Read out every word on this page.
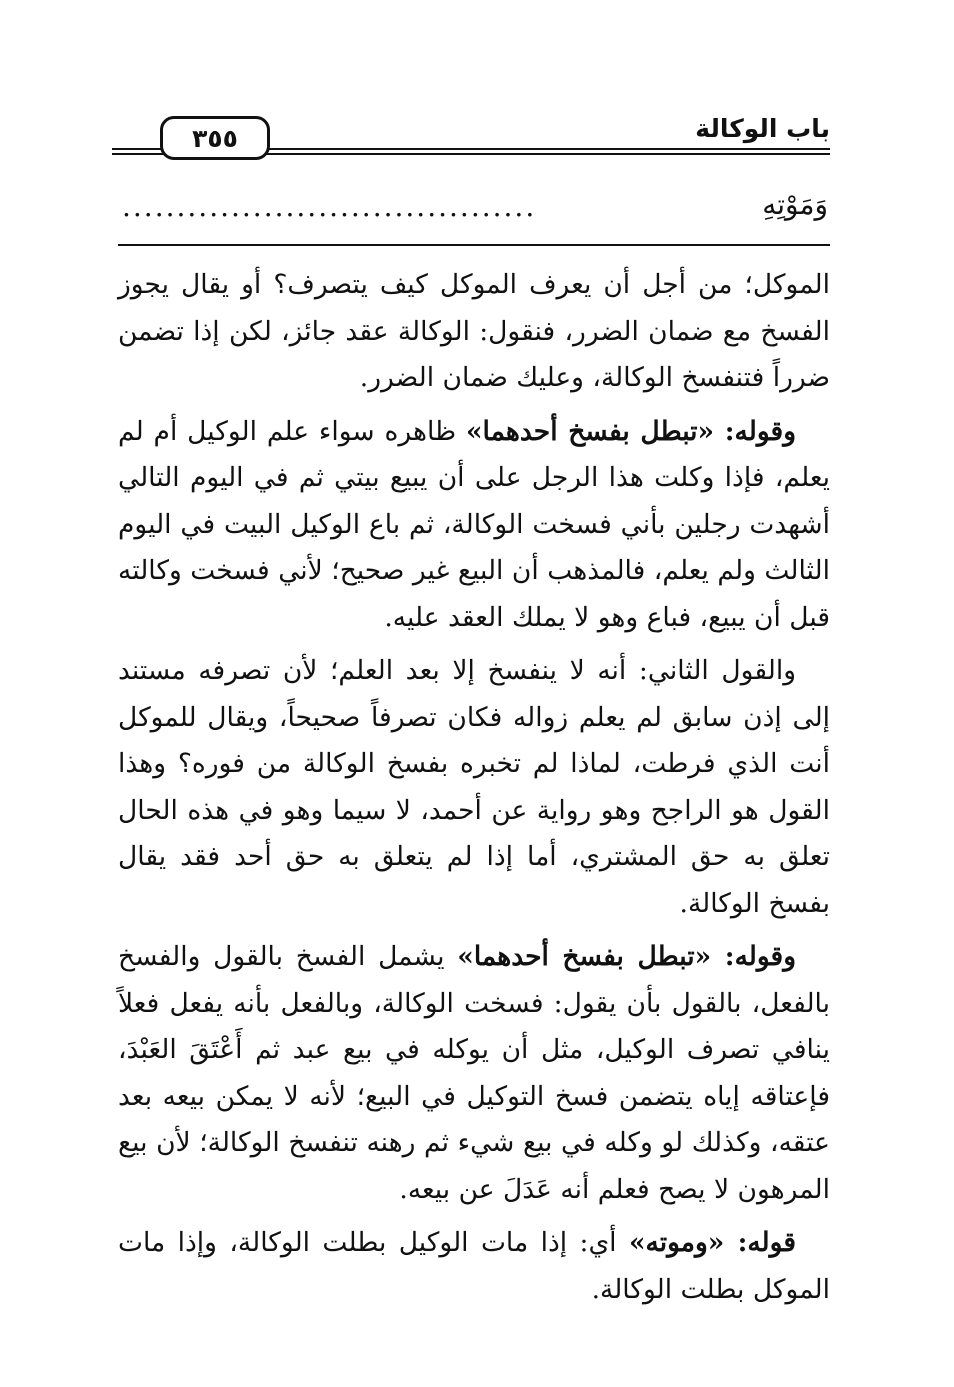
باب الوكالة
٣٥٥
وَمَوْتِهِ
......................................

الموكل؛ من أجل أن يعرف الموكل كيف يتصرف؟ أو يقال يجوز الفسخ مع ضمان الضرر، فنقول: الوكالة عقد جائز، لكن إذا تضمن ضرراً فتنفسخ الوكالة، وعليك ضمان الضرر.

وقوله: «تبطل بفسخ أحدهما» ظاهره سواء علم الوكيل أم لم يعلم، فإذا وكلت هذا الرجل على أن يبيع بيتي ثم في اليوم التالي أشهدت رجلين بأني فسخت الوكالة، ثم باع الوكيل البيت في اليوم الثالث ولم يعلم، فالمذهب أن البيع غير صحيح؛ لأني فسخت وكالته قبل أن يبيع، فباع وهو لا يملك العقد عليه.

والقول الثاني: أنه لا ينفسخ إلا بعد العلم؛ لأن تصرفه مستند إلى إذن سابق لم يعلم زواله فكان تصرفاً صحيحاً، ويقال للموكل أنت الذي فرطت، لماذا لم تخبره بفسخ الوكالة من فوره؟ وهذا القول هو الراجح وهو رواية عن أحمد، لا سيما وهو في هذه الحال تعلق به حق المشتري، أما إذا لم يتعلق به حق أحد فقد يقال بفسخ الوكالة.

وقوله: «تبطل بفسخ أحدهما» يشمل الفسخ بالقول والفسخ بالفعل، بالقول بأن يقول: فسخت الوكالة، وبالفعل بأنه يفعل فعلاً ينافي تصرف الوكيل، مثل أن يوكله في بيع عبد ثم أَعْتَقَ العَبْدَ، فإعتاقه إياه يتضمن فسخ التوكيل في البيع؛ لأنه لا يمكن بيعه بعد عتقه، وكذلك لو وكله في بيع شيء ثم رهنه تنفسخ الوكالة؛ لأن بيع المرهون لا يصح فعلم أنه عَدَلَ عن بيعه.

قوله: «وموته» أي: إذا مات الوكيل بطلت الوكالة، وإذا مات الموكل بطلت الوكالة.
